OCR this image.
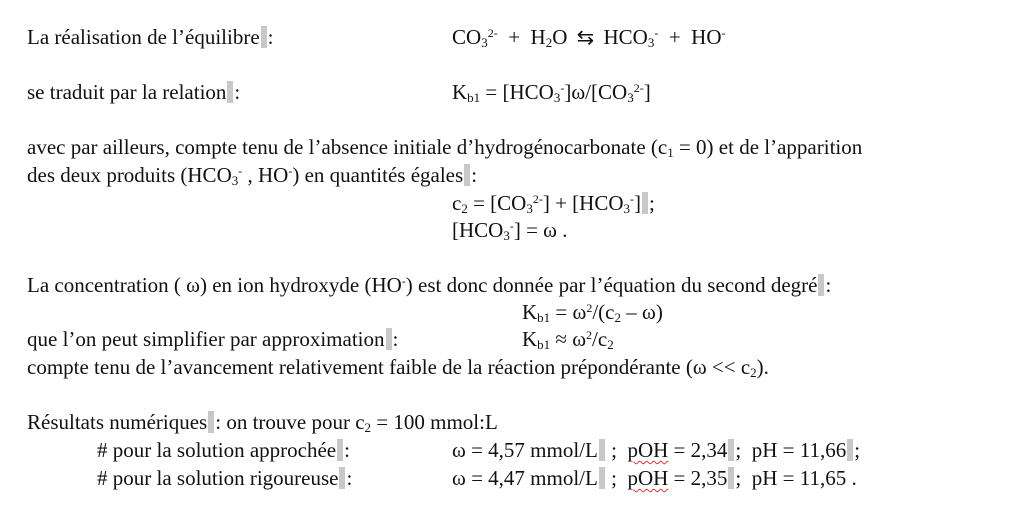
La réalisation de l’équilibre :	$CO_3^{2-} + H_2O$ ⇆ $HCO_3^- + HO^-$
se traduit par la relation :	$K_{b1} = [HCO_3^-]\omega/[CO_3^{2-}]$
avec par ailleurs, compte tenu de l’absence initiale d’hydrogénocarbonate $(c_1 = 0)$ et de l’apparition
des deux produits ($HCO_3^-$ , HO-) en quantités égales :
$c_2 = [CO_3^{2-}] + [HCO_3^-]$ ;
$[HCO_3^-] = \omega$ .
La concentration ( ω) en ion hydroxyde (HO-) est donc donnée par l’équation du second degré :
$K_{b1} = \omega^2/(c_2 - \omega)$
que l’on peut simplifier par approximation :	$K_{b1} \approx \omega^2/c_2$
compte tenu de l’avancement relativement faible de la réaction prépondérante $(\omega << c_2)$.
Résultats numériques : on trouve pour $c_2 = 100$ mmol:L
# pour la solution approchée :	ω = 4,57 mmol/L ; pOH = 2,34 ; pH = 11,66 ;
# pour la solution rigoureuse :	ω = 4,47 mmol/L ; pOH = 2,35 ; pH = 11,65 .
